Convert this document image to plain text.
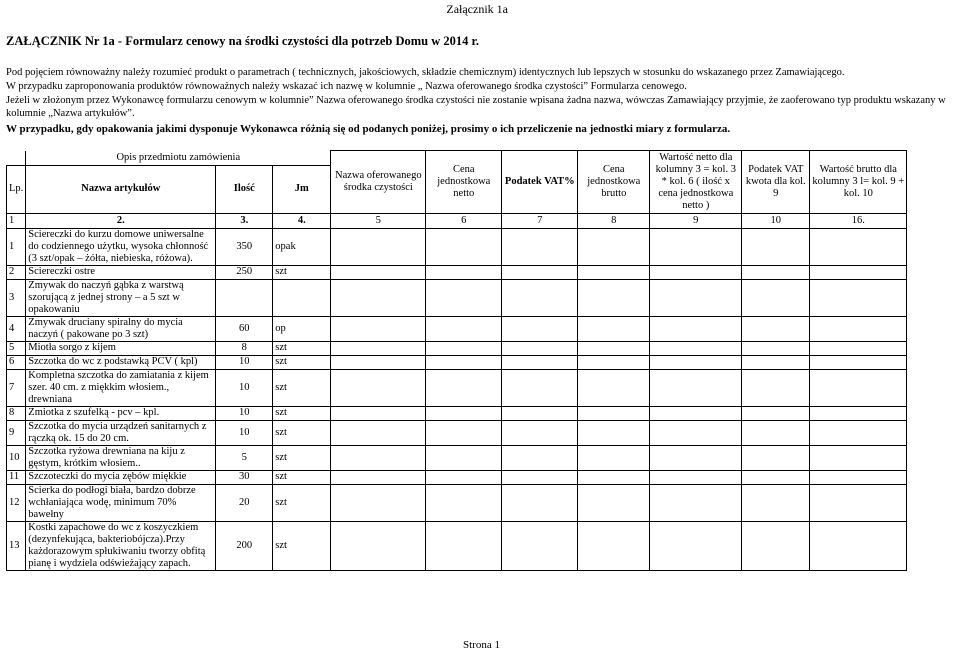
Załącznik 1a
ZAŁĄCZNIK Nr 1a - Formularz cenowy na środki czystości dla potrzeb Domu w 2014 r.
Pod pojęciem równoważny należy rozumieć produkt o parametrach ( technicznych, jakościowych, składzie chemicznym) identycznych lub lepszych w stosunku do wskazanego przez Zamawiającego.
W przypadku zaproponowania produktów równoważnych należy wskazać ich nazwę w kolumnie „ Nazwa oferowanego środka czystości” Formularza cenowego.
Jeżeli w złożonym przez Wykonawcę formularzu cenowym w kolumnie” Nazwa oferowanego środka czystości nie zostanie wpisana żadna nazwa, wówczas Zamawiający przyjmie, że zaoferowano typ produktu wskazany w kolumnie „Nazwa artykułów”.
W przypadku, gdy opakowania jakimi dysponuje Wykonawca różnią się od podanych poniżej, prosimy o ich przeliczenie na jednostki miary z formularza.
	Opis przedmiotu zamówienia			Nazwa oferowanego środka czystości	Cena jednostkowa netto	Podatek VAT%	Cena jednostkowa brutto	Wartość netto dla kolumny 3 = kol. 3 * kol. 6 ( ilość x cena jednostkowa netto )	Podatek VAT kwota dla kol. 9	Wartość brutto dla kolumny 3 l= kol. 9 + kol. 10
Lp.	Nazwa artykułów	Ilość	Jm							
1	2.	3.	4.	5	6	7	8	9	10	16.
1	Ściereczki do kurzu domowe uniwersalne do codziennego użytku, wysoka chłonność (3 szt/opak – żółta, niebieska, różowa).	350	opak							
2	Ściereczki ostre	250	szt							
3	Zmywak do naczyń gąbka z warstwą szorującą z jednej strony – a 5 szt w opakowaniu									
4	Zmywak druciany spiralny do mycia naczyń ( pakowane po 3 szt)	60	op							
5	Miotła sorgo z kijem	8	szt							
6	Szczotka do wc z podstawką PCV ( kpl)	10	szt							
7	Kompletna szczotka do zamiatania z kijem szer. 40 cm. z miękkim włosiem., drewniana	10	szt							
8	Zmiotka z szufelką - pcv – kpl.	10	szt							
9	Szczotka do mycia urządzeń sanitarnych z rączką ok. 15 do 20 cm.	10	szt							
10	Szczotka ryżowa drewniana na kiju z gęstym, krótkim włosiem..	5	szt							
11	Szczoteczki do mycia zębów miękkie	30	szt							
12	Ścierka do podłogi biała, bardzo dobrze wchłaniająca wodę, minimum 70% bawełny	20	szt							
13	Kostki zapachowe do wc z koszyczkiem (dezynfekująca, bakteriobójcza).Przy każdorazowym spłukiwaniu tworzy obfitą pianę i wydziela odświeżający zapach.	200	szt							
Strona 1
